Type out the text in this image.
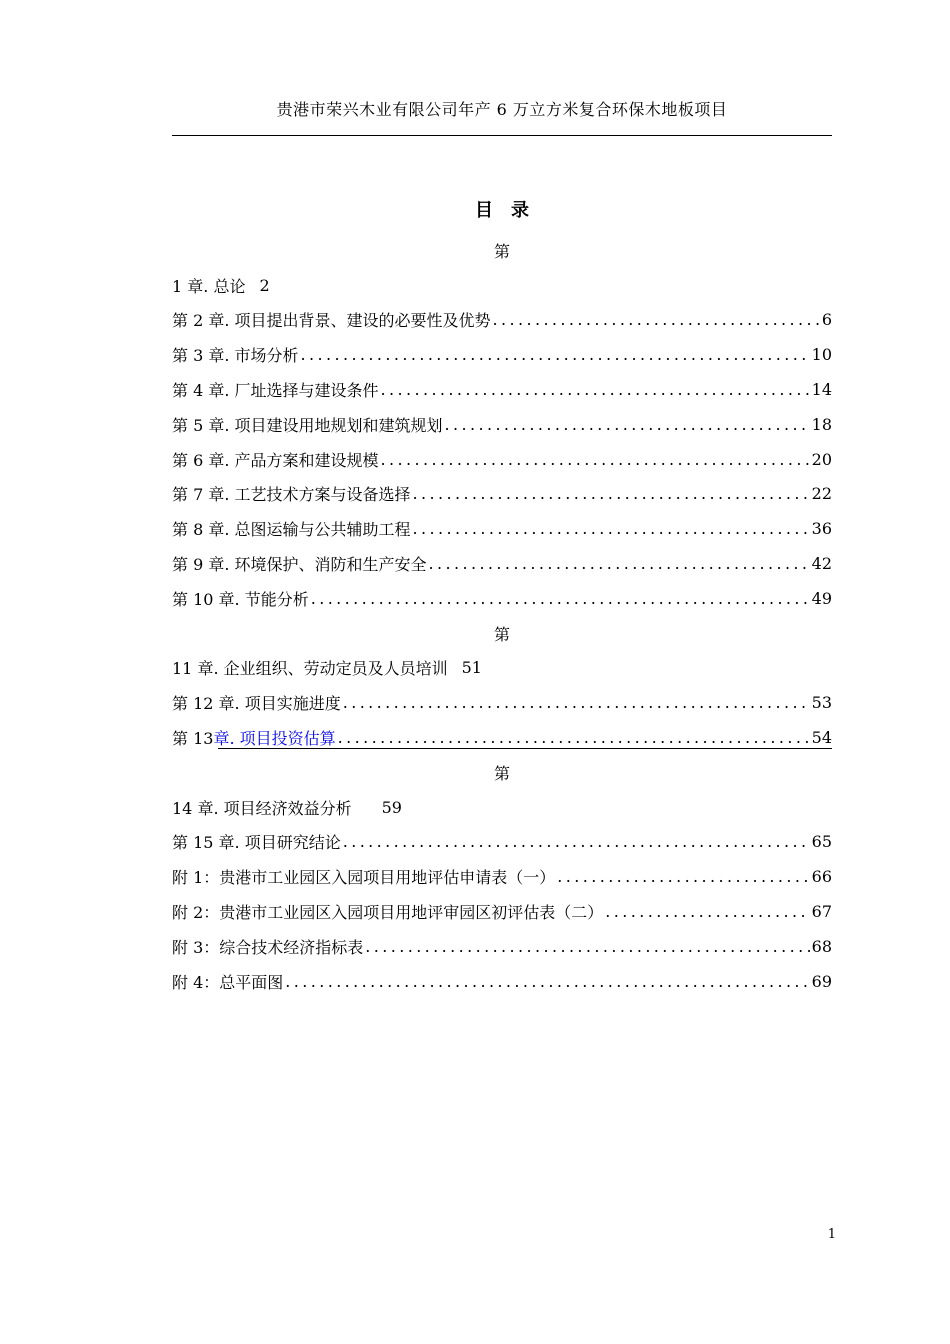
贵港市荣兴木业有限公司年产 6 万立方米复合环保木地板项目
目　录
第
1 章. 总论 2
第 2 章. 项目提出背景、建设的必要性及优势 .....	6
第 3 章. 市场分析 .....	10
第 4 章. 厂址选择与建设条件 .....	14
第 5 章. 项目建设用地规划和建筑规划 .....	18
第 6 章. 产品方案和建设规模 .....	20
第 7 章. 工艺技术方案与设备选择 .....	22
第 8 章. 总图运输与公共辅助工程 .....	36
第 9 章. 环境保护、消防和生产安全 .....	42
第 10 章. 节能分析 .....	49
第
11 章. 企业组织、劳动定员及人员培训 51
第 12 章. 项目实施进度 .....	53
第 13章. 项目投资估算 .....	54
第
14 章. 项目经济效益分析 59
第 15 章. 项目研究结论 .....	65
附 1：贵港市工业园区入园项目用地评估申请表（一） .....	66
附 2：贵港市工业园区入园项目用地评审园区初评估表（二） .....	67
附 3：综合技术经济指标表 .....	68
附 4：总平面图 .....	69
1
